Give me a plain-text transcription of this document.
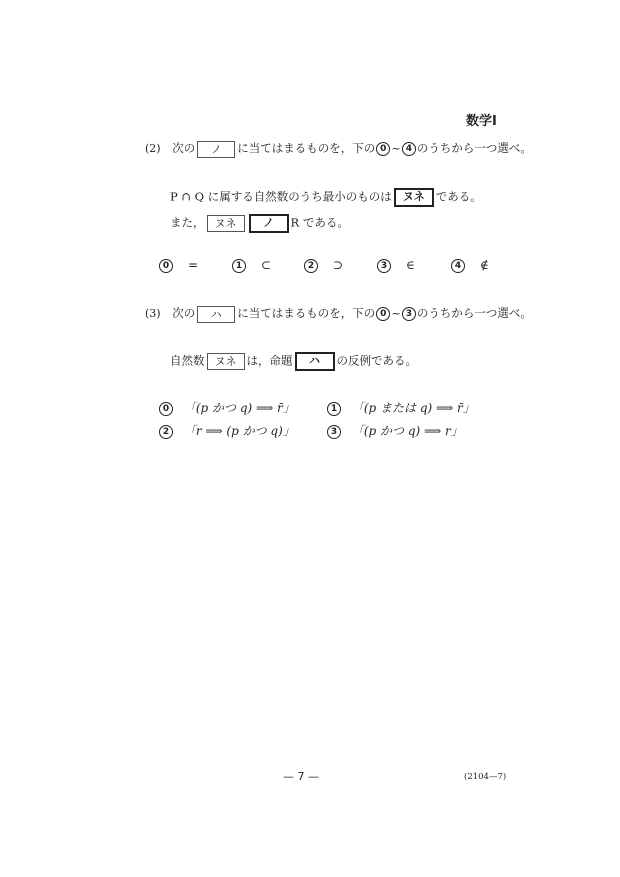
数学Ⅰ
(2) 次の ノ に当てはまるものを，下の 0 ~ 4 のうちから一つ選べ。
P ∩ Q に属する自然数のうち最小のものは ヌネ である。
また， ヌネ ノ R である。
0 =	1 ⊂	2 ⊃	3 ∈	4 ∉
(3) 次の ハ に当てはまるものを，下の 0 ~ 3 のうちから一つ選べ。
自然数 ヌネ は，命題 ハ の反例である。
0 「(p かつ q) ⟹ r̄」	1 「(p または q) ⟹ r̄」
2 「r ⟹ (p かつ q)」	3 「(p かつ q) ⟹ r」
— 7 —	(2104—7)
